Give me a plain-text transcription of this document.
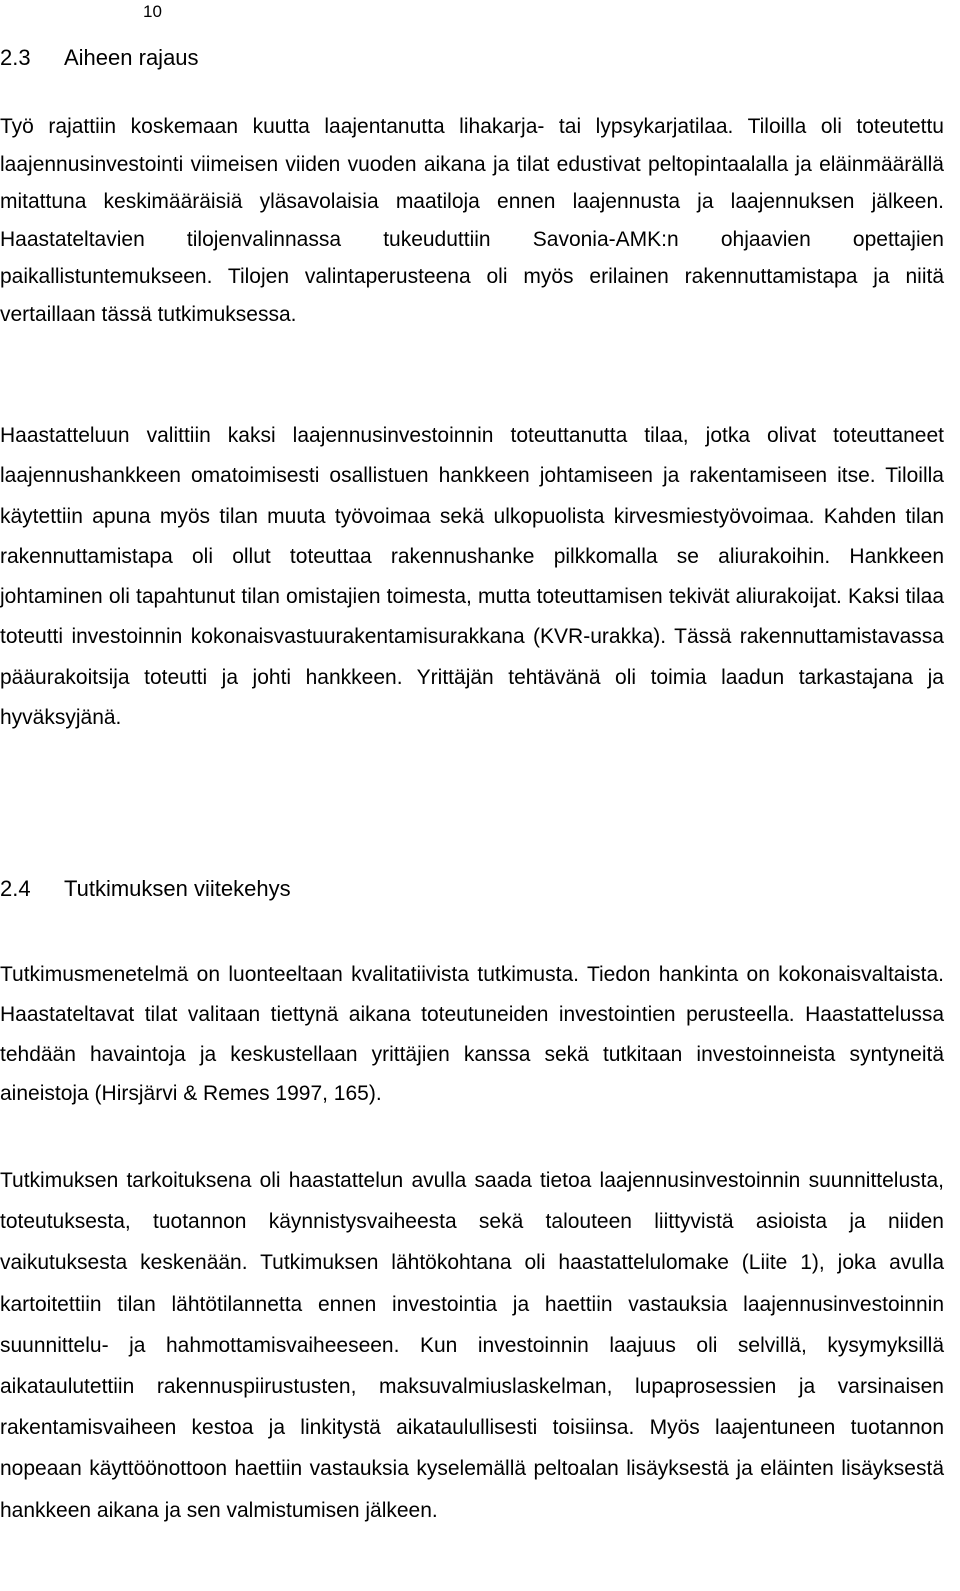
10
2.3 Aiheen rajaus

Työ rajattiin koskemaan kuutta laajentanutta lihakarja- tai lypsykarjatilaa. Tiloilla oli toteutettu laajennusinvestointi viimeisen viiden vuoden aikana ja tilat edustivat peltopintaalalla ja eläinmäärällä mitattuna keskimääräisiä yläsavolaisia maatiloja ennen laajennusta ja laajennuksen jälkeen. Haastateltavien tilojenvalinnassa tukeuduttiin Savonia-AMK:n ohjaavien opettajien paikallistuntemukseen. Tilojen valintaperusteena oli myös erilainen rakennuttamistapa ja niitä vertaillaan tässä tutkimuksessa.

Haastatteluun valittiin kaksi laajennusinvestoinnin toteuttanutta tilaa, jotka olivat toteuttaneet laajennushankkeen omatoimisesti osallistuen hankkeen johtamiseen ja rakentamiseen itse. Tiloilla käytettiin apuna myös tilan muuta työvoimaa sekä ulkopuolista kirvesmiestyövoimaa. Kahden tilan rakennuttamistapa oli ollut toteuttaa rakennushanke pilkkomalla se aliurakoihin. Hankkeen johtaminen oli tapahtunut tilan omistajien toimesta, mutta toteuttamisen tekivät aliurakoijat. Kaksi tilaa toteutti investoinnin kokonaisvastuurakentamisurakkana (KVR-urakka). Tässä rakennuttamistavassa pääurakoitsija toteutti ja johti hankkeen. Yrittäjän tehtävänä oli toimia laadun tarkastajana ja hyväksyjänä.

2.4 Tutkimuksen viitekehys

Tutkimusmenetelmä on luonteeltaan kvalitatiivista tutkimusta. Tiedon hankinta on kokonaisvaltaista. Haastateltavat tilat valitaan tiettynä aikana toteutuneiden investointien perusteella. Haastattelussa tehdään havaintoja ja keskustellaan yrittäjien kanssa sekä tutkitaan investoinneista syntyneitä aineistoja (Hirsjärvi & Remes 1997, 165).

Tutkimuksen tarkoituksena oli haastattelun avulla saada tietoa laajennusinvestoinnin suunnittelusta, toteutuksesta, tuotannon käynnistysvaiheesta sekä talouteen liittyvistä asioista ja niiden vaikutuksesta keskenään. Tutkimuksen lähtökohtana oli haastattelulomake (Liite 1), joka avulla kartoitettiin tilan lähtötilannetta ennen investointia ja haettiin vastauksia laajennusinvestoinnin suunnittelu- ja hahmottamisvaiheeseen. Kun investoinnin laajuus oli selvillä, kysymyksillä aikataulutettiin rakennuspiirustusten, maksuvalmiuslaskelman, lupaprosessien ja varsinaisen rakentamisvaiheen kestoa ja linkitystä aikataulullisesti toisiinsa. Myös laajentuneen tuotannon nopeaan käyttöönottoon haettiin vastauksia kyselemällä peltoalan lisäyksestä ja eläinten lisäyksestä hankkeen aikana ja sen valmistumisen jälkeen.
